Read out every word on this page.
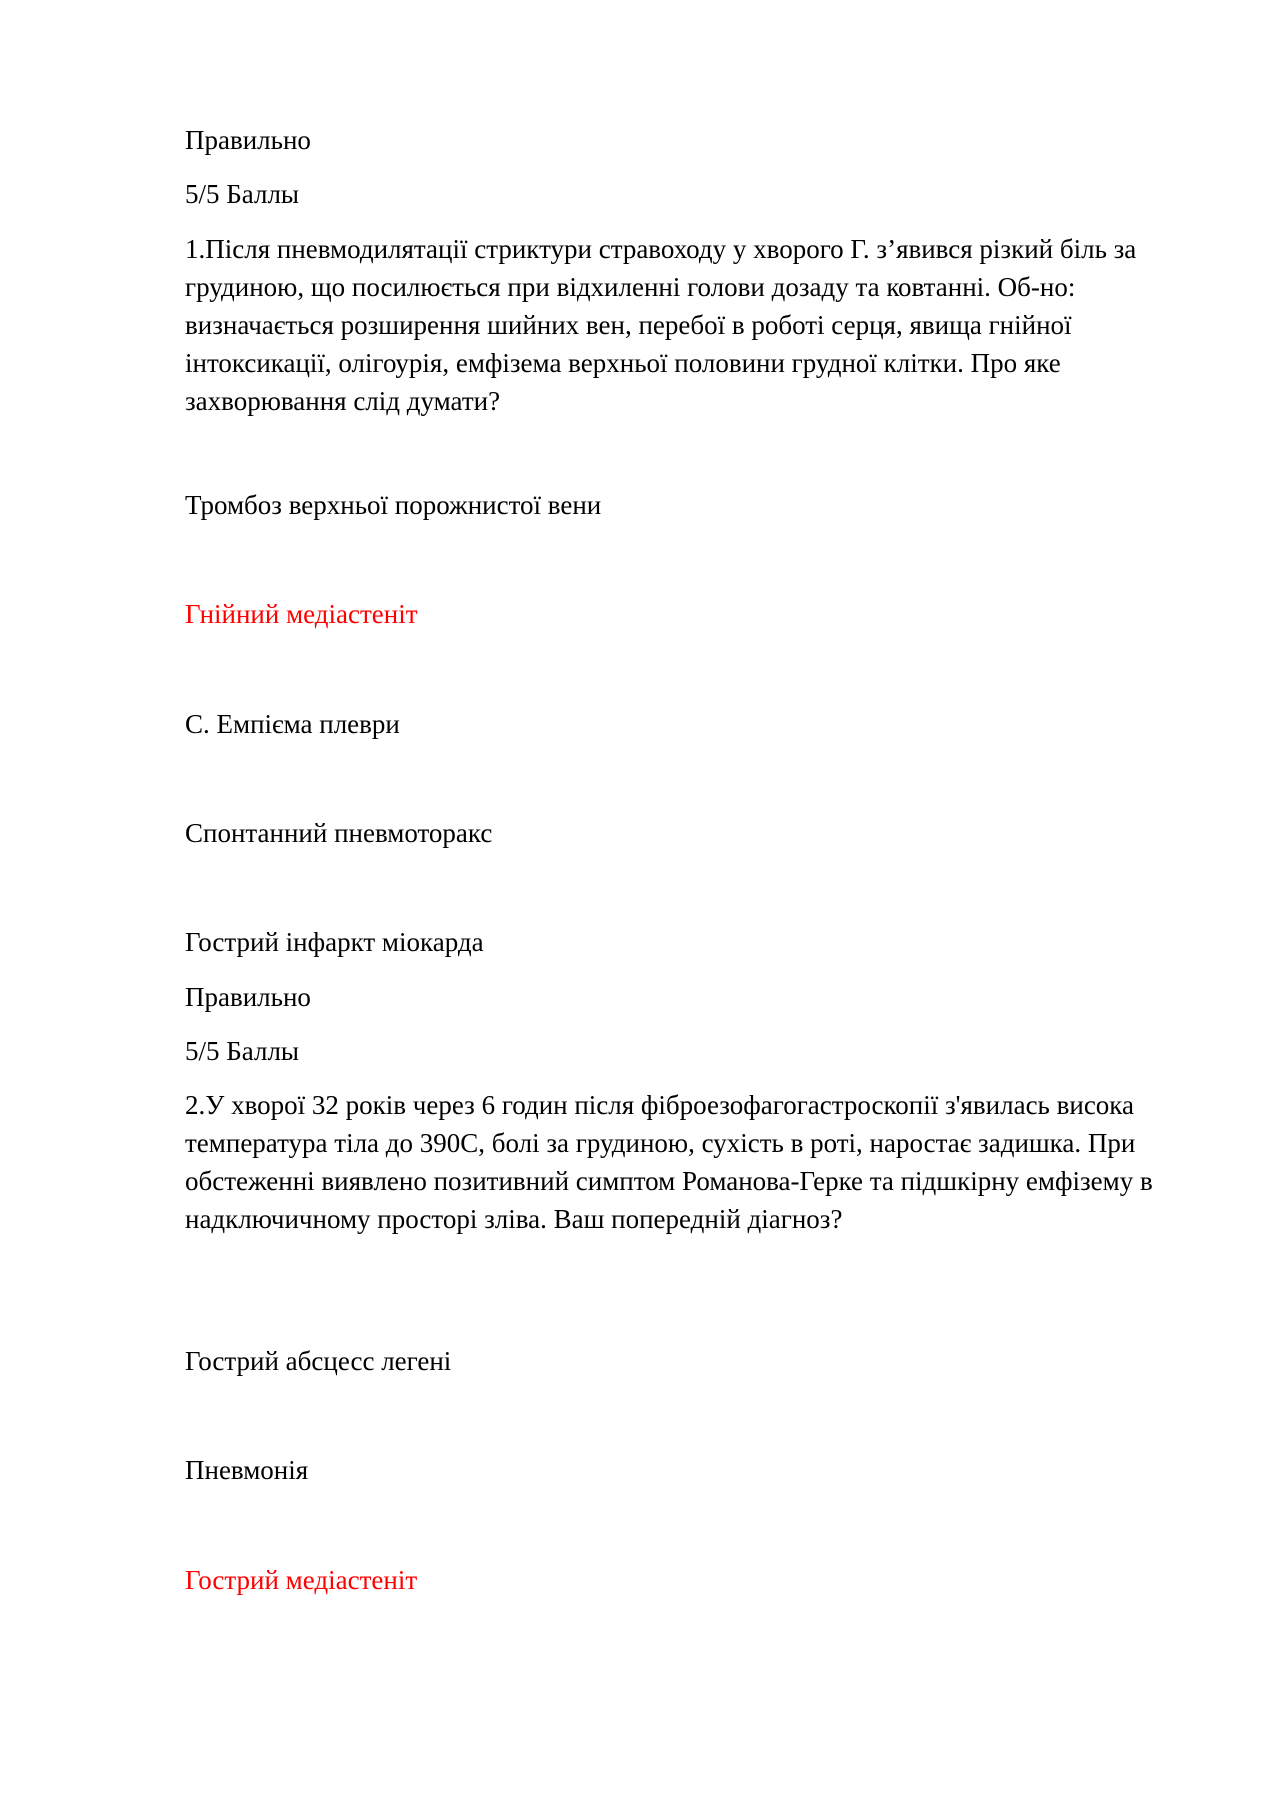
Правильно

5/5 Баллы

1.Після пневмодилятації стриктури стравоходу у хворого Г. з’явився різкий біль за грудиною, що посилюється при відхиленні голови дозаду та ковтанні. Об-но: визначається розширення шийних вен, перебої в роботі серця, явища гнійної інтоксикації, олігоурія, емфізема верхньої половини грудної клітки. Про яке захворювання слід думати?

Тромбоз верхньої порожнистої вени

Гнійний медіастеніт

C. Емпієма плеври

Спонтанний пневмоторакс

Гострий інфаркт міокарда

Правильно

5/5 Баллы

2.У хворої 32 років через 6 годин після фіброезофагогастроскопії з'явилась висока температура тіла до 390С, болі за грудиною, сухість в роті, наростає задишка. При обстеженні виявлено позитивний симптом Романова-Герке та підшкірну емфізему в надключичному просторі зліва. Ваш попередній діагноз?

Гострий абсцесс легені

Пневмонія

Гострий медіастеніт
